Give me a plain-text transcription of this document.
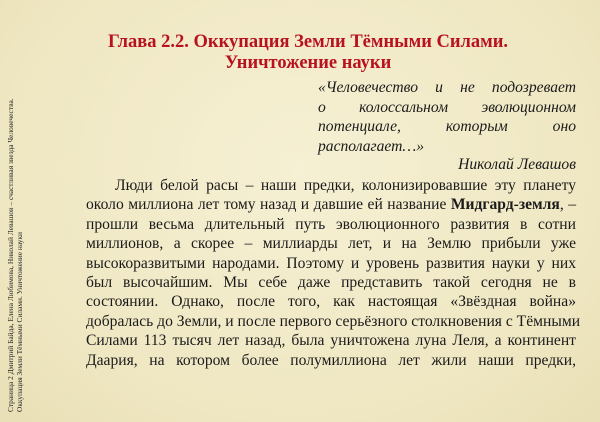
Страница 2 Дмитрий Байда, Елена Любимова, Николай Левашов – счастливая звезда Человечества. Оккупация Земли Тёмными Силами. Уничтожение науки
Глава 2.2. Оккупация Земли Тёмными Силами.
Уничтожение науки
«Человечество и не подозревает
о колоссальном эволюционном
потенциале, которым оно
располагает…»
Николай Левашов
Люди белой расы – наши предки, колонизировавшие эту планету
около миллиона лет тому назад и давшие ей название Мидгард-земля, –
прошли весьма длительный путь эволюционного развития в сотни
миллионов, а скорее – миллиарды лет, и на Землю прибыли уже
высокоразвитыми народами. Поэтому и уровень развития науки у них
был высочайшим. Мы себе даже представить такой сегодня не в
состоянии. Однако, после того, как настоящая «Звёздная война»
добралась до Земли, и после первого серьёзного столкновения с Тёмными
Силами 113 тысяч лет назад, была уничтожена луна Леля, а континент
Даария, на котором более полумиллиона лет жили наши предки,
